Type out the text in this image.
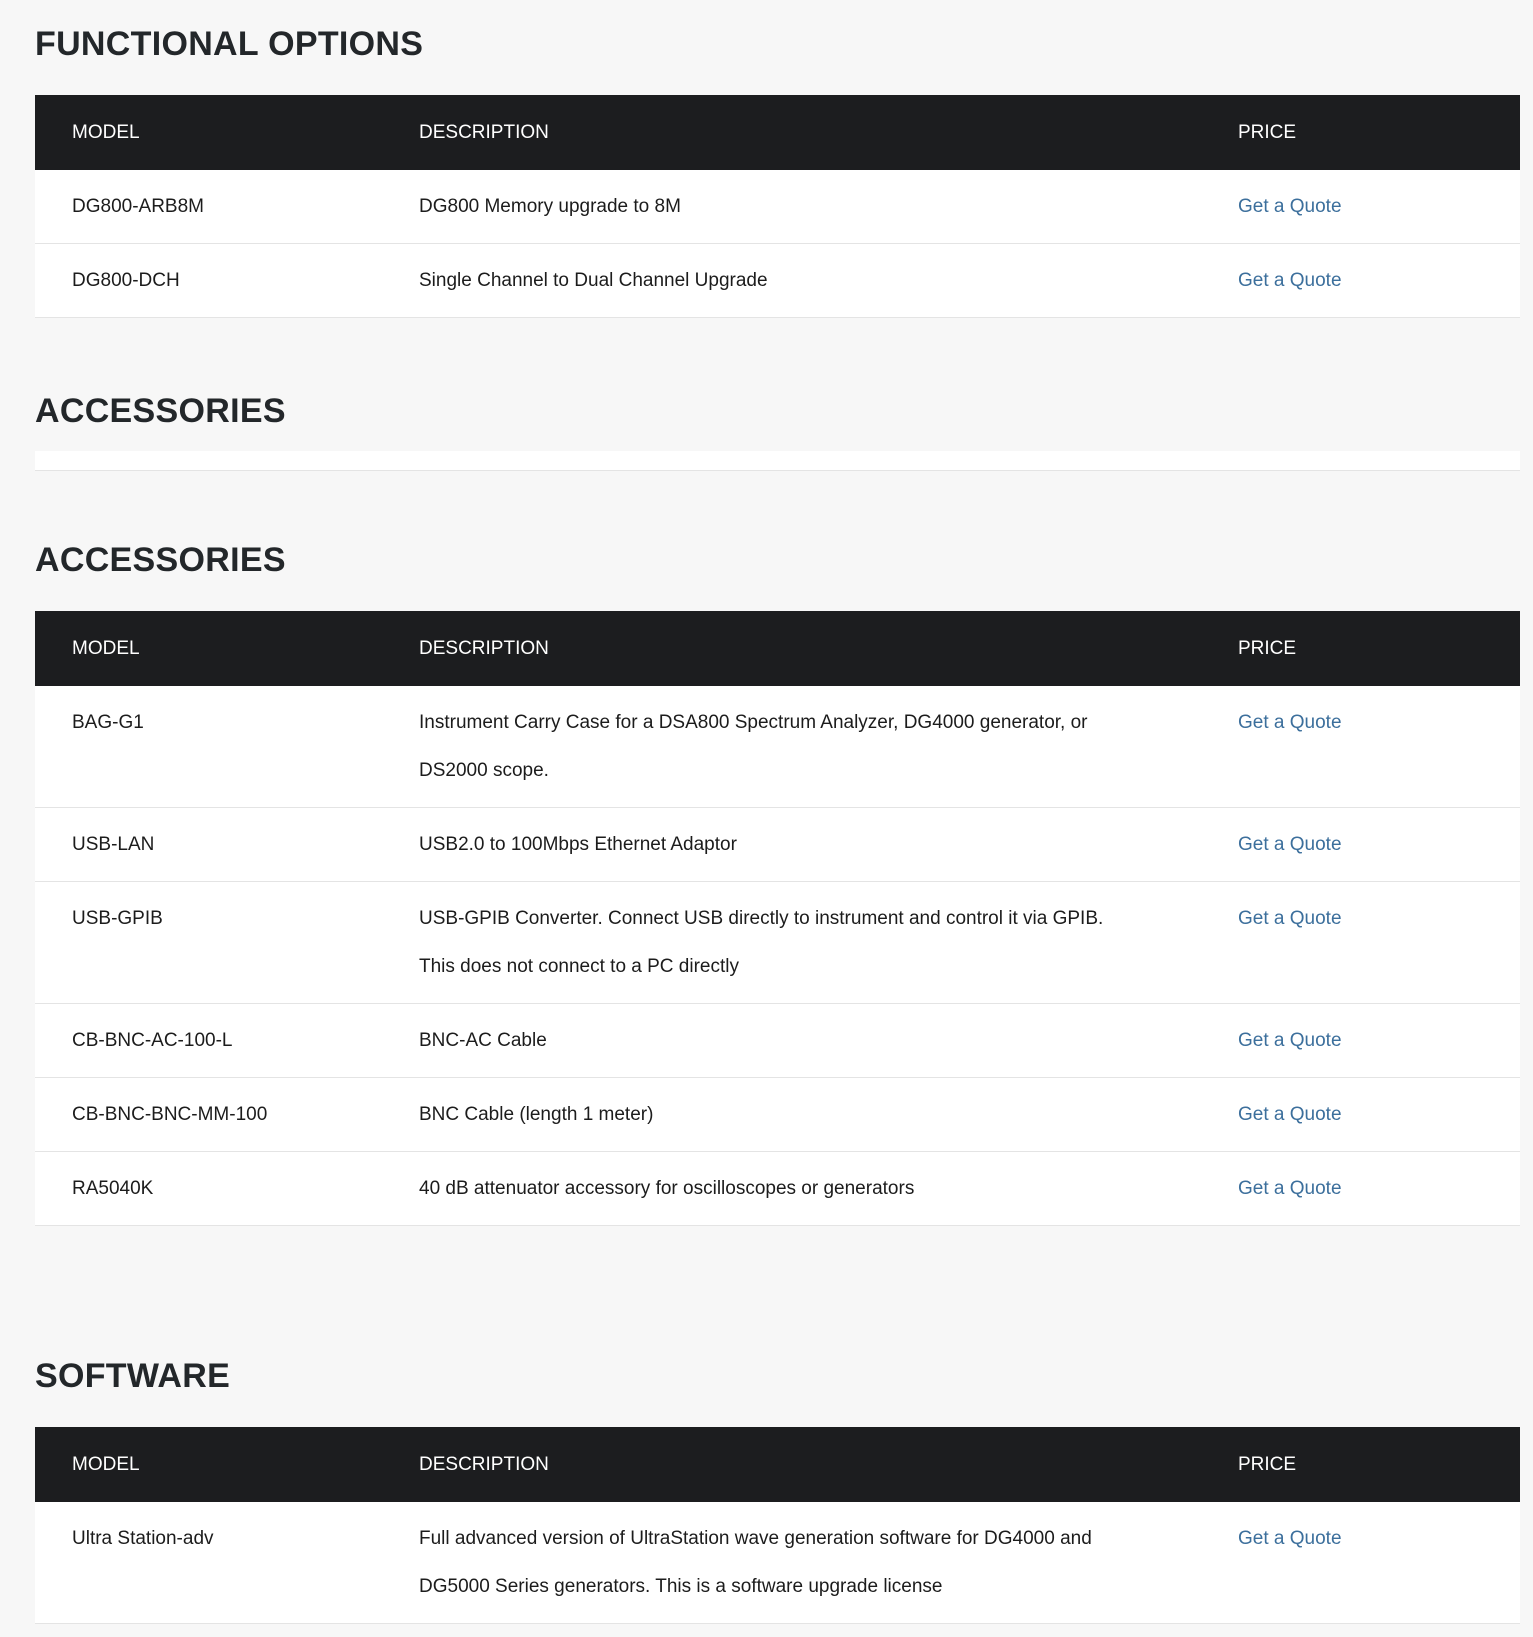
FUNCTIONAL OPTIONS
MODEL	DESCRIPTION	PRICE
DG800-ARB8M	DG800 Memory upgrade to 8M	Get a Quote
DG800-DCH	Single Channel to Dual Channel Upgrade	Get a Quote
ACCESSORIES
ACCESSORIES
MODEL	DESCRIPTION	PRICE
BAG-G1	Instrument Carry Case for a DSA800 Spectrum Analyzer, DG4000 generator, or DS2000 scope.	Get a Quote
USB-LAN	USB2.0 to 100Mbps Ethernet Adaptor	Get a Quote
USB-GPIB	USB-GPIB Converter. Connect USB directly to instrument and control it via GPIB. This does not connect to a PC directly	Get a Quote
CB-BNC-AC-100-L	BNC-AC Cable	Get a Quote
CB-BNC-BNC-MM-100	BNC Cable (length 1 meter)	Get a Quote
RA5040K	40 dB attenuator accessory for oscilloscopes or generators	Get a Quote
SOFTWARE
MODEL	DESCRIPTION	PRICE
Ultra Station-adv	Full advanced version of UltraStation wave generation software for DG4000 and DG5000 Series generators. This is a software upgrade license	Get a Quote
